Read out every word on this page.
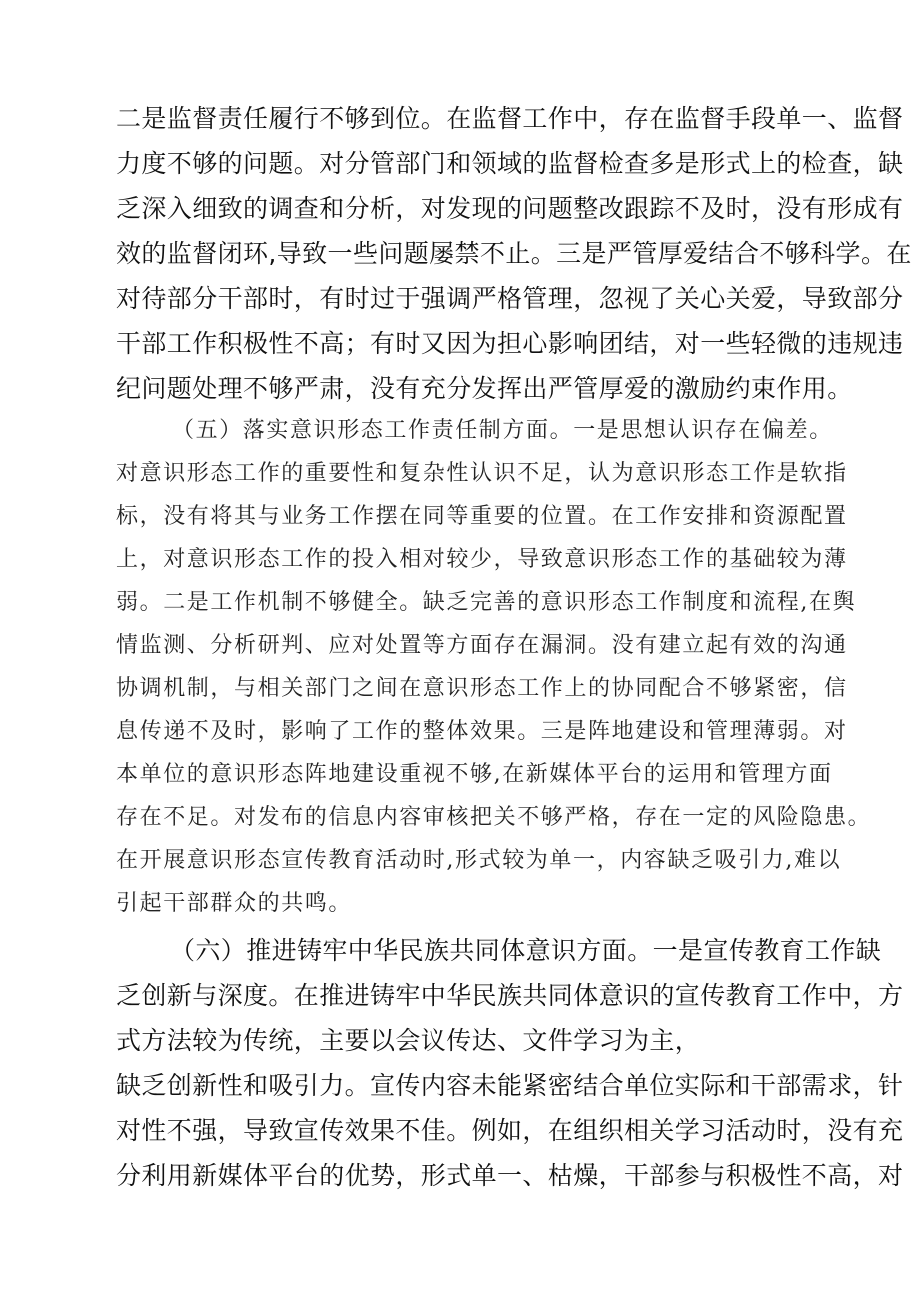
二是监督责任履行不够到位。在监督工作中，存在监督手段单一、监督
力度不够的问题。对分管部门和领域的监督检查多是形式上的检查，缺
乏深入细致的调查和分析，对发现的问题整改跟踪不及时，没有形成有
效的监督闭环,导致一些问题屡禁不止。三是严管厚爱结合不够科学。在
对待部分干部时，有时过于强调严格管理，忽视了关心关爱，导致部分
干部工作积极性不高；有时又因为担心影响团结，对一些轻微的违规违
纪问题处理不够严肃，没有充分发挥出严管厚爱的激励约束作用。
（五）落实意识形态工作责任制方面。一是思想认识存在偏差。
对意识形态工作的重要性和复杂性认识不足，认为意识形态工作是软指
标，没有将其与业务工作摆在同等重要的位置。在工作安排和资源配置
上，对意识形态工作的投入相对较少，导致意识形态工作的基础较为薄
弱。二是工作机制不够健全。缺乏完善的意识形态工作制度和流程,在舆
情监测、分析研判、应对处置等方面存在漏洞。没有建立起有效的沟通
协调机制，与相关部门之间在意识形态工作上的协同配合不够紧密，信
息传递不及时，影响了工作的整体效果。三是阵地建设和管理薄弱。对
本单位的意识形态阵地建设重视不够,在新媒体平台的运用和管理方面
存在不足。对发布的信息内容审核把关不够严格，存在一定的风险隐患。
在开展意识形态宣传教育活动时,形式较为单一，内容缺乏吸引力,难以
引起干部群众的共鸣。
（六）推进铸牢中华民族共同体意识方面。一是宣传教育工作缺
乏创新与深度。在推进铸牢中华民族共同体意识的宣传教育工作中，方
式方法较为传统，主要以会议传达、文件学习为主，
缺乏创新性和吸引力。宣传内容未能紧密结合单位实际和干部需求，针
对性不强，导致宣传效果不佳。例如，在组织相关学习活动时，没有充
分利用新媒体平台的优势，形式单一、枯燥，干部参与积极性不高，对
